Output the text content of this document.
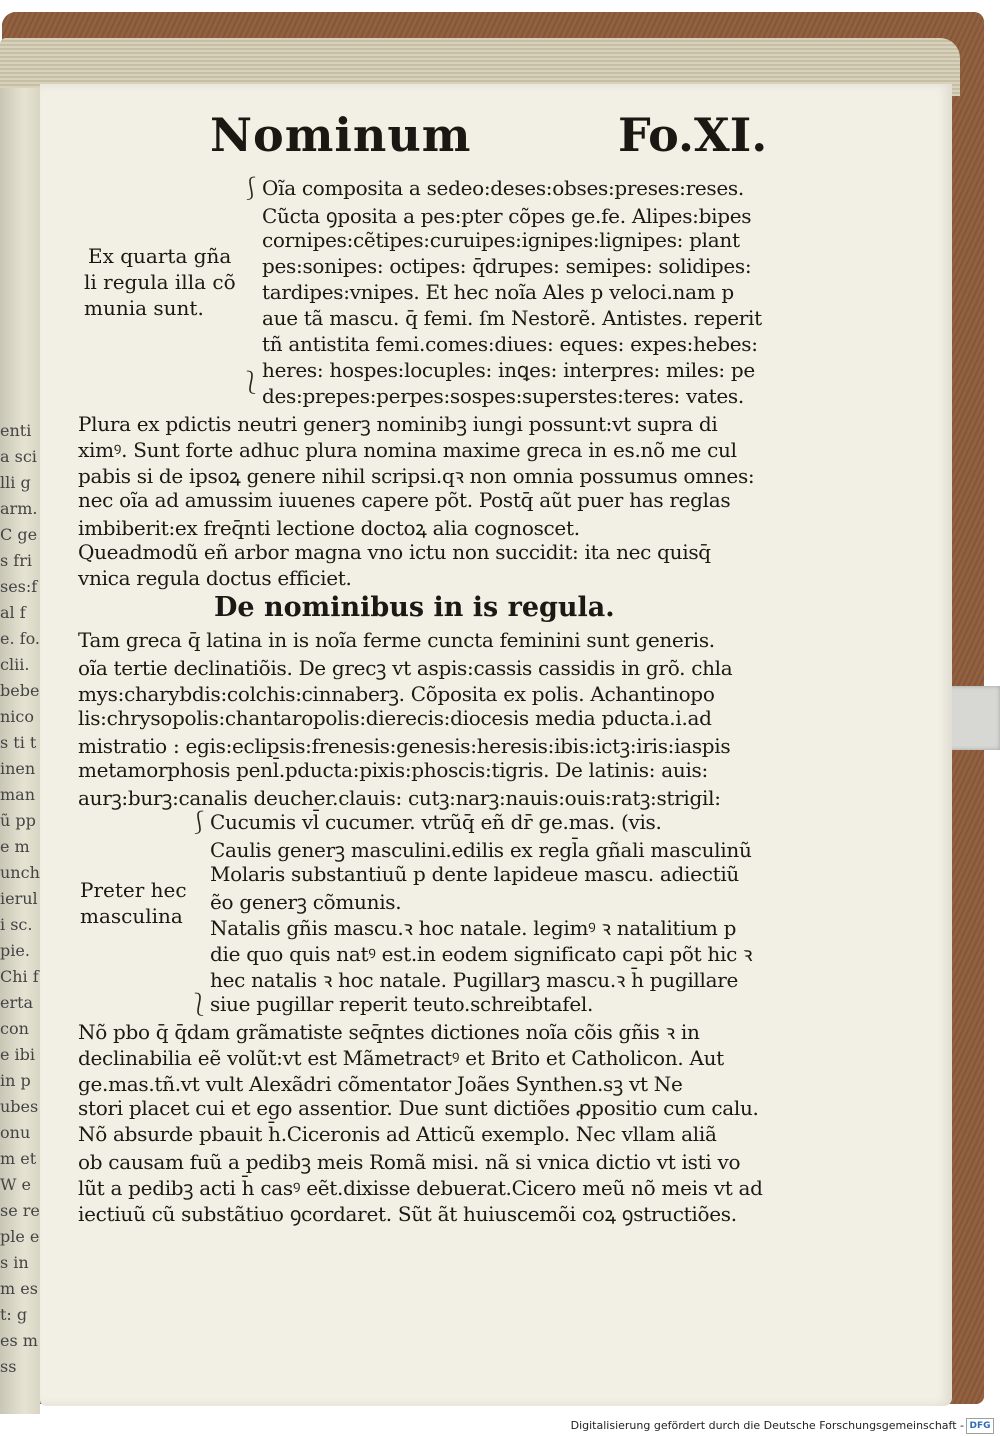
entia scilli garm. C ges fri ses:fal fe. fo. clii. bebe nicos ti tinen manũ ppe munch ieruli sc.pie. Chi ferta con e ibi in pubes onum et W e se reple es inm est: g es mss
Nominum	Fo.XI.
⎰
⎱
Oĩa composita a sedeo:deses:obses:preses:reses.
Cũcta ꝯposita a pes:pter cõpes ge.fe. Alipes:bipes
cornipes:cẽtipes:curuipes:ignipes:lignipes: plant
pes:sonipes: octipes: q̄drupes: semipes: solidipes:
tardipes:vnipes. Et hec noĩa Ales p veloci.nam p
aue tã mascu. q̄ femi. ſm Nestorẽ. Antistes. reperit
tñ antistita femi.comes:diues: eques: expes:hebes:
heres: hospes:locuples: inꝗes: interpres: miles: pe
des:prepes:perpes:sospes:superstes:teres: vates.
Ex quarta gña
li regula illa cõ
munia sunt.
Plura ex pdictis neutri generꝫ nominibꝫ iungi possunt:vt supra di
ximꝰ. Sunt forte adhuc plura nomina maxime greca in es.nõ me cul
pabis si de ipsoꝝ genere nihil scripsi.qꝛ non omnia possumus omnes:
nec oĩa ad amussim iuuenes capere põt. Postq̄ aũt puer has reglas
imbiberit:ex freq̄nti lectione doctoꝝ alia cognoscet.
Queadmodũ eñ arbor magna vno ictu non succidit: ita nec quisq̄
vnica regula doctus efficiet.
De nominibus in is regula.
Tam greca q̄ latina in is noĩa ferme cuncta feminini sunt generis.
oĩa tertie declinatiõis. De grecꝫ vt aspis:cassis cassidis in grõ. chla
mys:charybdis:colchis:cinnaberꝫ. Cõposita ex polis. Achantinopo
lis:chrysopolis:chantaropolis:dierecis:diocesis media pducta.i.ad
mistratio : egis:eclipsis:frenesis:genesis:heresis:ibis:ictꝫ:iris:iaspis
metamorphosis penl̄.pducta:pixis:phoscis:tigris. De latinis: auis:
aurꝫ:burꝫ:canalis deucher.clauis: cutꝫ:narꝫ:nauis:ouis:ratꝫ:strigil:
⎰
⎱
Cucumis vl̄ cucumer. vtrũq̄ eñ dr̄ ge.mas. (vis.
Caulis generꝫ masculini.edilis ex regl̄a gñali masculinũ
Molaris substantiuũ p dente lapideue mascu. adiectiũ
ẽo generꝫ cõmunis.
Natalis gñis mascu.ꝛ hoc natale. legimꝰ ꝛ natalitium p
die quo quis natꝰ est.in eodem significato capi põt hic ꝛ
hec natalis ꝛ hoc natale. Pugillarꝫ mascu.ꝛ h̄ pugillare
siue pugillar reperit teuto.schreibtafel.
Preter hec
masculina
Nõ pbo q̄ q̄dam grãmatiste seq̄ntes dictiones noĩa cõis gñis ꝛ in
declinabilia eẽ volũt:vt est Mãmetractꝰ et Brito et Catholicon. Aut
ge.mas.tñ.vt vult Alexãdri cõmentator Joães Synthen.sꝫ vt Ne
stori placet cui et ego assentior. Due sunt dictiões ꝓpositio cum calu.
Nõ absurde pbauit h̄.Ciceronis ad Atticũ exemplo. Nec vllam aliã
ob causam fuũ a pedibꝫ meis Romã misi. nã si vnica dictio vt isti vo
lũt a pedibꝫ acti h̄ casꝰ eẽt.dixisse debuerat.Cicero meũ nõ meis vt ad
iectiuũ cũ substãtiuo ꝯcordaret. Sũt ãt huiuscemõi coꝝ ꝯstructiões.
Digitalisierung gefördert durch die Deutsche Forschungsgemeinschaft - DFG
